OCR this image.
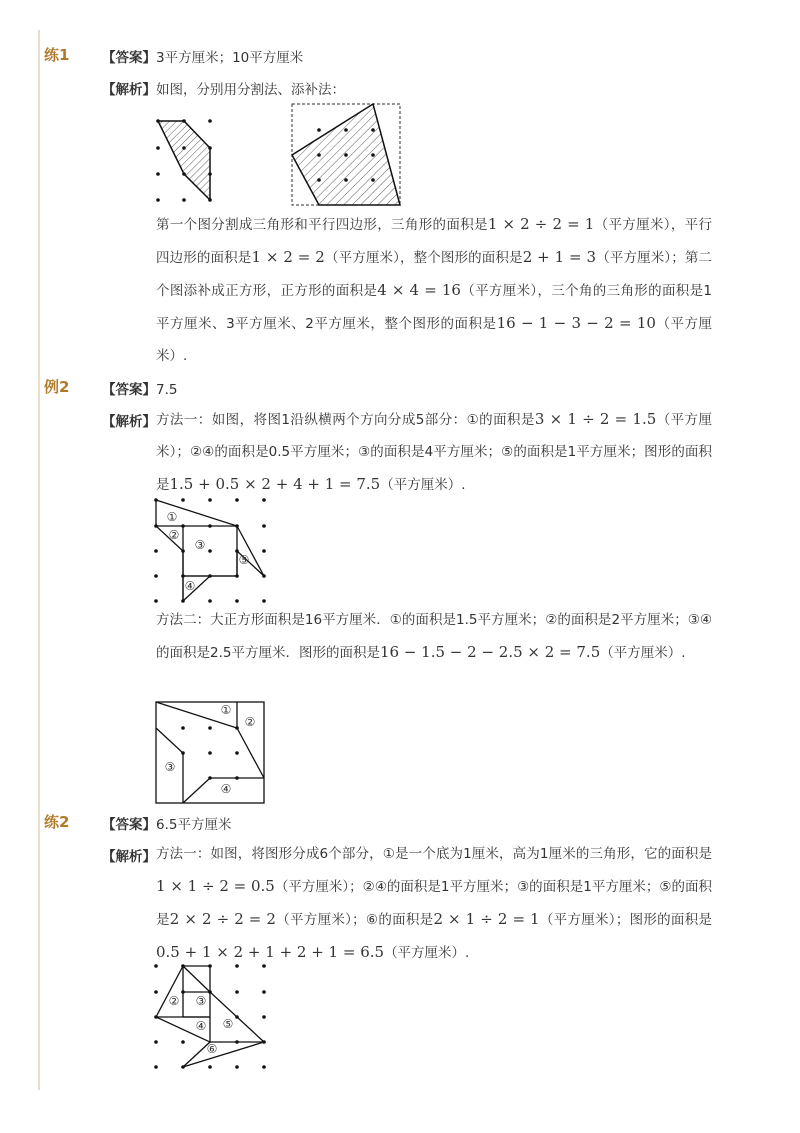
练1 【答案】3平方厘米；10平方厘米
【解析】如图，分别用分割法、添补法：
第一个图分割成三角形和平行四边形，三角形的面积是1 × 2 ÷ 2 = 1（平方厘米），平行四边形的面积是1 × 2 = 2（平方厘米），整个图形的面积是2 + 1 = 3（平方厘米）；第二个图添补成正方形，正方形的面积是4 × 4 = 16（平方厘米），三个角的三角形的面积是1平方厘米、3平方厘米、2平方厘米，整个图形的面积是16 − 1 − 3 − 2 = 10（平方厘米）.
例2 【答案】7.5
【解析】 方法一：如图，将图1沿纵横两个方向分成5部分：①的面积是3 × 1 ÷ 2 = 1.5（平方厘米）；②④的面积是0.5平方厘米；③的面积是4平方厘米；⑤的面积是1平方厘米；图形的面积是1.5 + 0.5 × 2 + 4 + 1 = 7.5（平方厘米）.
①
②
③
④
⑤
方法二：大正方形面积是16平方厘米．①的面积是1.5平方厘米；②的面积是2平方厘米；③④的面积是2.5平方厘米．图形的面积是16 − 1.5 − 2 − 2.5 × 2 = 7.5（平方厘米）.
①
②
③
④
练2 【答案】6.5平方厘米
【解析】 方法一：如图，将图形分成6个部分，①是一个底为1厘米，高为1厘米的三角形，它的面积是1 × 1 ÷ 2 = 0.5（平方厘米）；②④的面积是1平方厘米；③的面积是1平方厘米；⑤的面积是2 × 2 ÷ 2 = 2（平方厘米）；⑥的面积是2 × 1 ÷ 2 = 1（平方厘米）；图形的面积是0.5 + 1 × 2 + 1 + 2 + 1 = 6.5（平方厘米）.
② ③
④ ⑤
⑥
